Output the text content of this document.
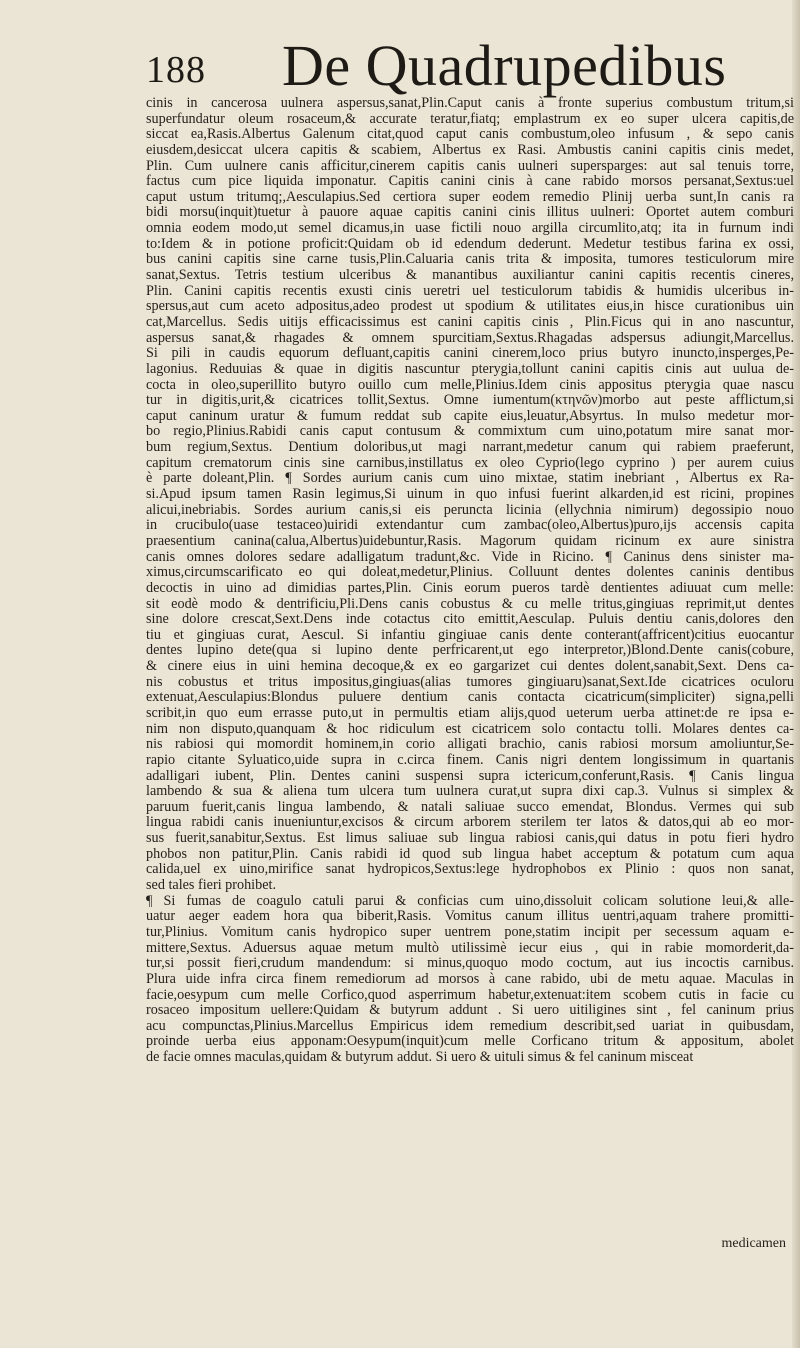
188 De Quadrupedibus
cinis in cancerosa uulnera aspersus,sanat,Plin.Caput canis à fronte superius combustum tritum,si
superfundatur oleum rosaceum,& accurate teratur,fiatq; emplastrum ex eo super ulcera capitis,de
siccat ea,Rasis.Albertus Galenum citat,quod caput canis combustum,oleo infusum , & sepo canis
eiusdem,desiccat ulcera capitis & scabiem, Albertus ex Rasi. Ambustis canini capitis cinis medet,
Plin. Cum uulnere canis afficitur,cinerem capitis canis uulneri supersparges: aut sal tenuis torre,
factus cum pice liquida imponatur. Capitis canini cinis à cane rabido morsos persanat,Sextus:uel
caput ustum tritumq;,Aesculapius.Sed certiora super eodem remedio Plinij uerba sunt,In canis ra
bidi morsu(inquit)tuetur à pauore aquae capitis canini cinis illitus uulneri: Oportet autem comburi
omnia eodem modo,ut semel dicamus,in uase fictili nouo argilla circumlito,atq; ita in furnum indi
to:Idem & in potione proficit:Quidam ob id edendum dederunt. Medetur testibus farina ex ossi,
bus canini capitis sine carne tusis,Plin.Caluaria canis trita & imposita, tumores testiculorum mire
sanat,Sextus. Tetris testium ulceribus & manantibus auxiliantur canini capitis recentis cineres,
Plin. Canini capitis recentis exusti cinis ueretri uel testiculorum tabidis & humidis ulceribus in-
spersus,aut cum aceto adpositus,adeo prodest ut spodium & utilitates eius,in hisce curationibus uin
cat,Marcellus. Sedis uitijs efficacissimus est canini capitis cinis , Plin.Ficus qui in ano nascuntur,
aspersus sanat,& rhagades & omnem spurcitiam,Sextus.Rhagadas adspersus adiungit,Marcellus.
Si pili in caudis equorum defluant,capitis canini cinerem,loco prius butyro inuncto,insperges,Pe-
lagonius. Reduuias & quae in digitis nascuntur pterygia,tollunt canini capitis cinis aut uulua de-
cocta in oleo,superillito butyro ouillo cum melle,Plinius.Idem cinis appositus pterygia quae nascu
tur in digitis,urit,& cicatrices tollit,Sextus. Omne iumentum(κτηνῶν)morbo aut peste afflictum,si
caput caninum uratur & fumum reddat sub capite eius,leuatur,Absyrtus. In mulso medetur mor-
bo regio,Plinius.Rabidi canis caput contusum & commixtum cum uino,potatum mire sanat mor-
bum regium,Sextus. Dentium doloribus,ut magi narrant,medetur canum qui rabiem praeferunt,
capitum crematorum cinis sine carnibus,instillatus ex oleo Cyprio(lego cyprino ) per aurem cuius
è parte doleant,Plin. ¶ Sordes aurium canis cum uino mixtae, statim inebriant , Albertus ex Ra-
si.Apud ipsum tamen Rasin legimus,Si uinum in quo infusi fuerint alkarden,id est ricini, propines
alicui,inebriabis. Sordes aurium canis,si eis peruncta licinia (ellychnia nimirum) degossipio nouo
in crucibulo(uase testaceo)uiridi extendantur cum zambac(oleo,Albertus)puro,ijs accensis capita
praesentium canina(calua,Albertus)uidebuntur,Rasis. Magorum quidam ricinum ex aure sinistra
canis omnes dolores sedare adalligatum tradunt,&c. Vide in Ricino. ¶ Caninus dens sinister ma-
ximus,circumscarificato eo qui doleat,medetur,Plinius. Colluunt dentes dolentes caninis dentibus
decoctis in uino ad dimidias partes,Plin. Cinis eorum pueros tardè dentientes adiuuat cum melle:
sit eodè modo & dentrificiu,Pli.Dens canis cobustus & cu melle tritus,gingiuas reprimit,ut dentes
sine dolore crescat,Sext.Dens inde cotactus cito emittit,Aesculap. Puluis dentiu canis,dolores den
tiu et gingiuas curat, Aescul. Si infantiu gingiuae canis dente conterant(affricent)citius euocantur
dentes lupino dete(qua si lupino dente perfricarent,ut ego interpretor,)Blond.Dente canis(cobure,
& cinere eius in uini hemina decoque,& ex eo gargarizet cui dentes dolent,sanabit,Sext. Dens ca-
nis cobustus et tritus impositus,gingiuas(alias tumores gingiuaru)sanat,Sext.Ide cicatrices oculoru
extenuat,Aesculapius:Blondus puluere dentium canis contacta cicatricum(simpliciter) signa,pelli
scribit,in quo eum errasse puto,ut in permultis etiam alijs,quod ueterum uerba attinet:de re ipsa e-
nim non disputo,quanquam & hoc ridiculum est cicatricem solo contactu tolli. Molares dentes ca-
nis rabiosi qui momordit hominem,in corio alligati brachio, canis rabiosi morsum amoliuntur,Se-
rapio citante Syluatico,uide supra in c.circa finem. Canis nigri dentem longissimum in quartanis
adalligari iubent, Plin. Dentes canini suspensi supra ictericum,conferunt,Rasis. ¶ Canis lingua
lambendo & sua & aliena tum ulcera tum uulnera curat,ut supra dixi cap.3. Vulnus si simplex &
paruum fuerit,canis lingua lambendo, & natali saliuae succo emendat, Blondus. Vermes qui sub
lingua rabidi canis inueniuntur,excisos & circum arborem sterilem ter latos & datos,qui ab eo mor-
sus fuerit,sanabitur,Sextus. Est limus saliuae sub lingua rabiosi canis,qui datus in potu fieri hydro
phobos non patitur,Plin. Canis rabidi id quod sub lingua habet acceptum & potatum cum aqua
calida,uel ex uino,mirifice sanat hydropicos,Sextus:lege hydrophobos ex Plinio : quos non sanat,
sed tales fieri prohibet.
¶ Si fumas de coagulo catuli parui & conficias cum uino,dissoluit colicam solutione leui,& alle-
uatur aeger eadem hora qua biberit,Rasis. Vomitus canum illitus uentri,aquam trahere promitti-
tur,Plinius. Vomitum canis hydropico super uentrem pone,statim incipit per secessum aquam e-
mittere,Sextus. Aduersus aquae metum multò utilissimè iecur eius , qui in rabie momorderit,da-
tur,si possit fieri,crudum mandendum: si minus,quoquo modo coctum, aut ius incoctis carnibus.
Plura uide infra circa finem remediorum ad morsos à cane rabido, ubi de metu aquae. Maculas in
facie,oesypum cum melle Corfico,quod asperrimum habetur,extenuat:item scobem cutis in facie cu
rosaceo impositum uellere:Quidam & butyrum addunt . Si uero uitiligines sint , fel caninum prius
acu compunctas,Plinius.Marcellus Empiricus idem remedium describit,sed uariat in quibusdam,
proinde uerba eius apponam:Oesypum(inquit)cum melle Corficano tritum & appositum, abolet
de facie omnes maculas,quidam & butyrum addut. Si uero & uituli simus & fel caninum misceat
medicamen
